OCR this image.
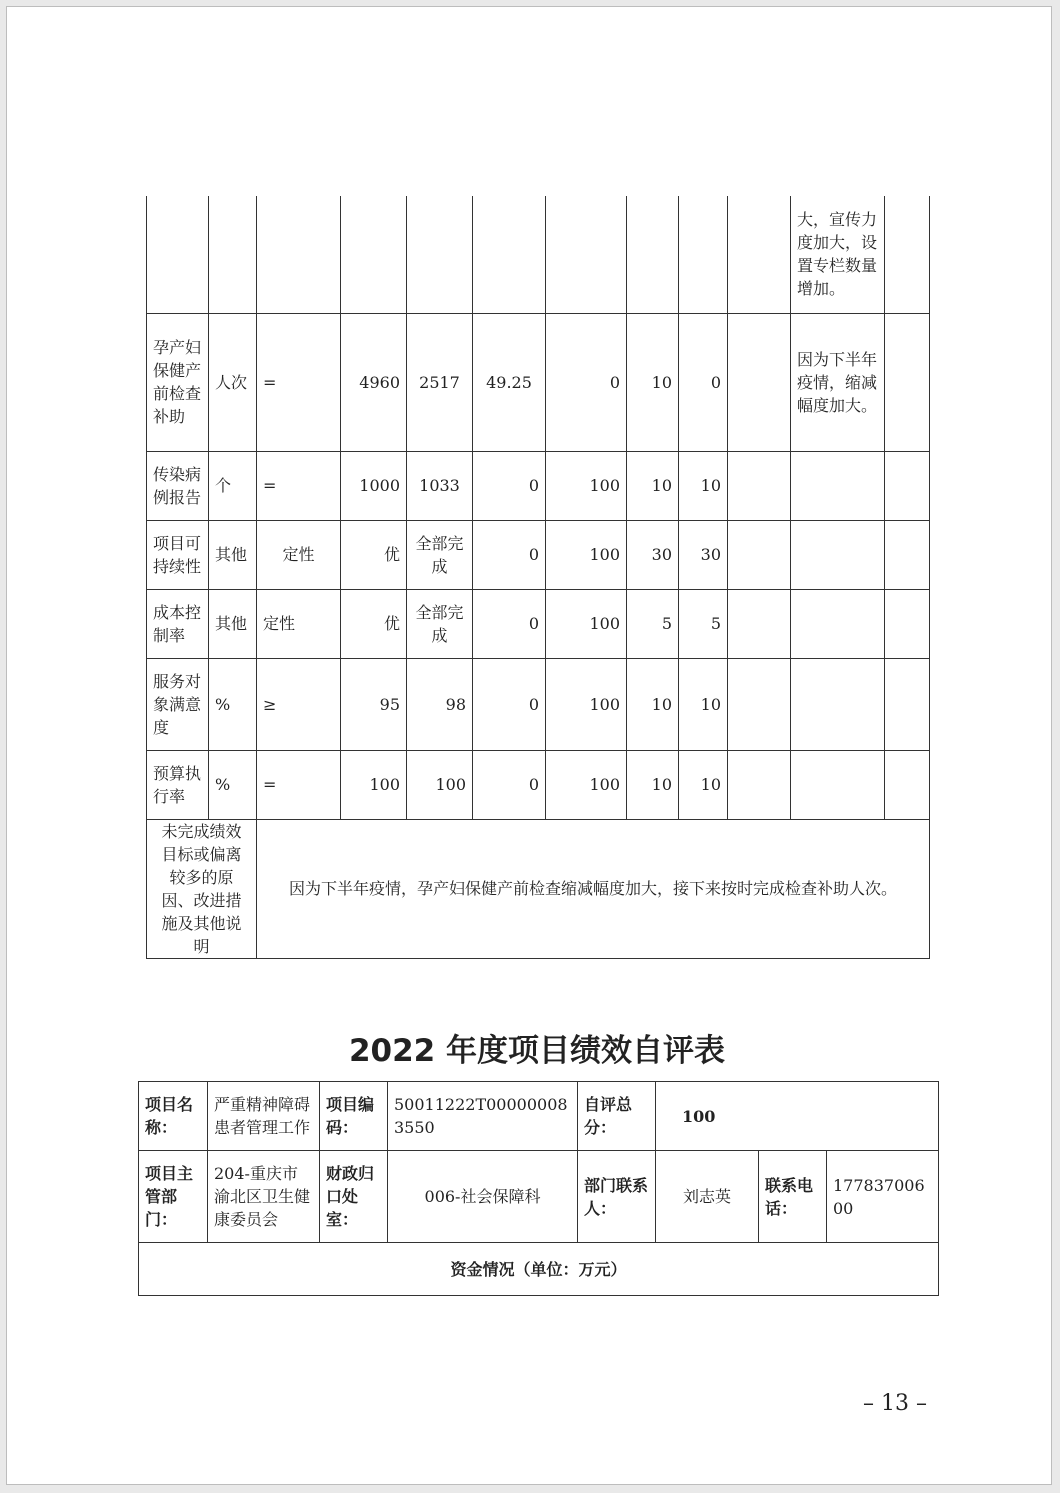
										大，宣传力度加大，设置专栏数量增加。	
孕产妇保健产前检查补助	人次	=	4960	2517	49.25	0	10	0		因为下半年疫情，缩减幅度加大。	
传染病例报告	个	=	1000	1033	0	100	10	10			
项目可持续性	其他	定性	优	全部完成	0	100	30	30			
成本控制率	其他	定性	优	全部完成	0	100	5	5			
服务对象满意度	%	≥	95	98	0	100	10	10			
预算执行率	%	=	100	100	0	100	10	10			
未完成绩效目标或偏离较多的原因、改进措施及其他说明		因为下半年疫情，孕产妇保健产前检查缩减幅度加大，接下来按时完成检查补助人次。									
2022 年度项目绩效自评表
项目名称：	严重精神障碍患者管理工作	项目编码：	50011222T000000083550	自评总分：	100		
项目主管部门：	204-重庆市渝北区卫生健康委员会	财政归口处室：	006-社会保障科	部门联系人：	刘志英	联系电话：	17783700600
资金情况（单位：万元）							
– 13 –
